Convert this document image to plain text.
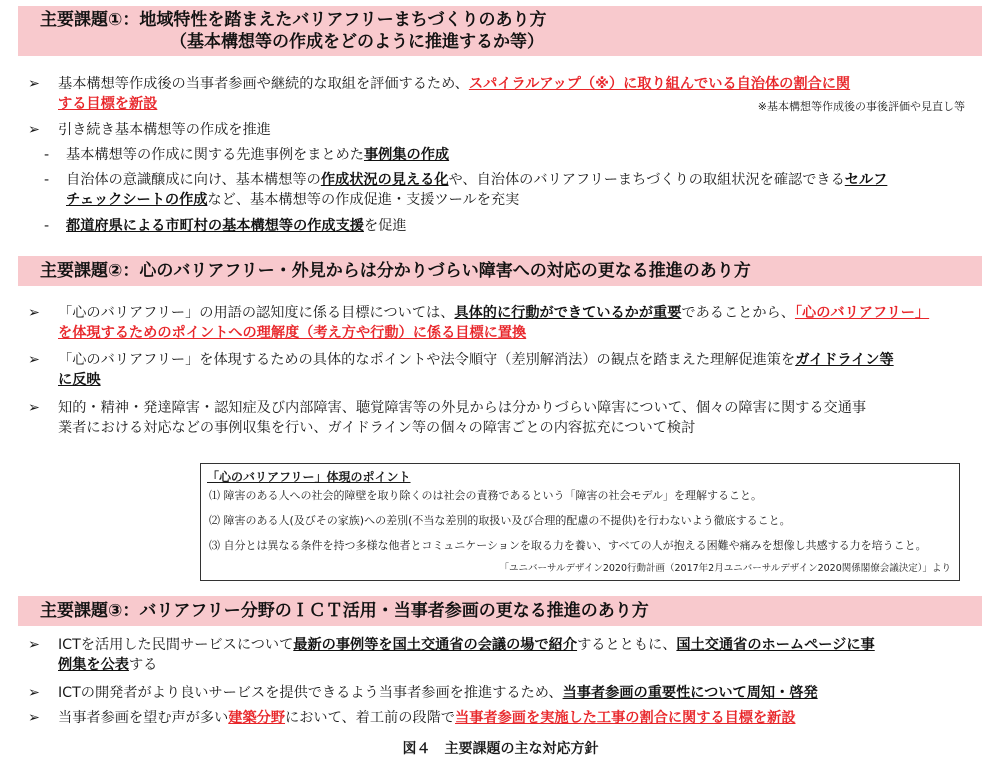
主要課題①：地域特性を踏まえたバリアフリーまちづくりのあり方
（基本構想等の作成をどのように推進するか等）
➢ 基本構想等作成後の当事者参画や継続的な取組を評価するため、スパイラルアップ（※）に取り組んでいる自治体の割合に関
する目標を新設	※基本構想等作成後の事後評価や見直し等
➢ 引き続き基本構想等の作成を推進
- 基本構想等の作成に関する先進事例をまとめた事例集の作成
- 自治体の意識醸成に向け、基本構想等の作成状況の見える化や、自治体のバリアフリーまちづくりの取組状況を確認できるセルフ
チェックシートの作成など、基本構想等の作成促進・支援ツールを充実
- 都道府県による市町村の基本構想等の作成支援を促進
主要課題②：心のバリアフリー・外見からは分かりづらい障害への対応の更なる推進のあり方
➢ 「心のバリアフリー」の用語の認知度に係る目標については、具体的に行動ができているかが重要であることから、「心のバリアフリー」
を体現するためのポイントへの理解度（考え方や行動）に係る目標に置換
➢ 「心のバリアフリー」を体現するための具体的なポイントや法令順守（差別解消法）の観点を踏まえた理解促進策をガイドライン等
に反映
➢ 知的・精神・発達障害・認知症及び内部障害、聴覚障害等の外見からは分かりづらい障害について、個々の障害に関する交通事
業者における対応などの事例収集を行い、ガイドライン等の個々の障害ごとの内容拡充について検討
「心のバリアフリー」体現のポイント
⑴ 障害のある人への社会的障壁を取り除くのは社会の責務であるという「障害の社会モデル」を理解すること。
⑵ 障害のある人(及びその家族)への差別(不当な差別的取扱い及び合理的配慮の不提供)を行わないよう徹底すること。
⑶ 自分とは異なる条件を持つ多様な他者とコミュニケーションを取る力を養い、すべての人が抱える困難や痛みを想像し共感する力を培うこと。
「ユニバーサルデザイン2020行動計画（2017年2月ユニバーサルデザイン2020関係閣僚会議決定）」より
主要課題③：バリアフリー分野のＩＣＴ活用・当事者参画の更なる推進のあり方
➢ ICTを活用した民間サービスについて最新の事例等を国土交通省の会議の場で紹介するとともに、国土交通省のホームページに事
例集を公表する
➢ ICTの開発者がより良いサービスを提供できるよう当事者参画を推進するため、当事者参画の重要性について周知・啓発
➢ 当事者参画を望む声が多い建築分野において、着工前の段階で当事者参画を実施した工事の割合に関する目標を新設
図４　主要課題の主な対応方針
